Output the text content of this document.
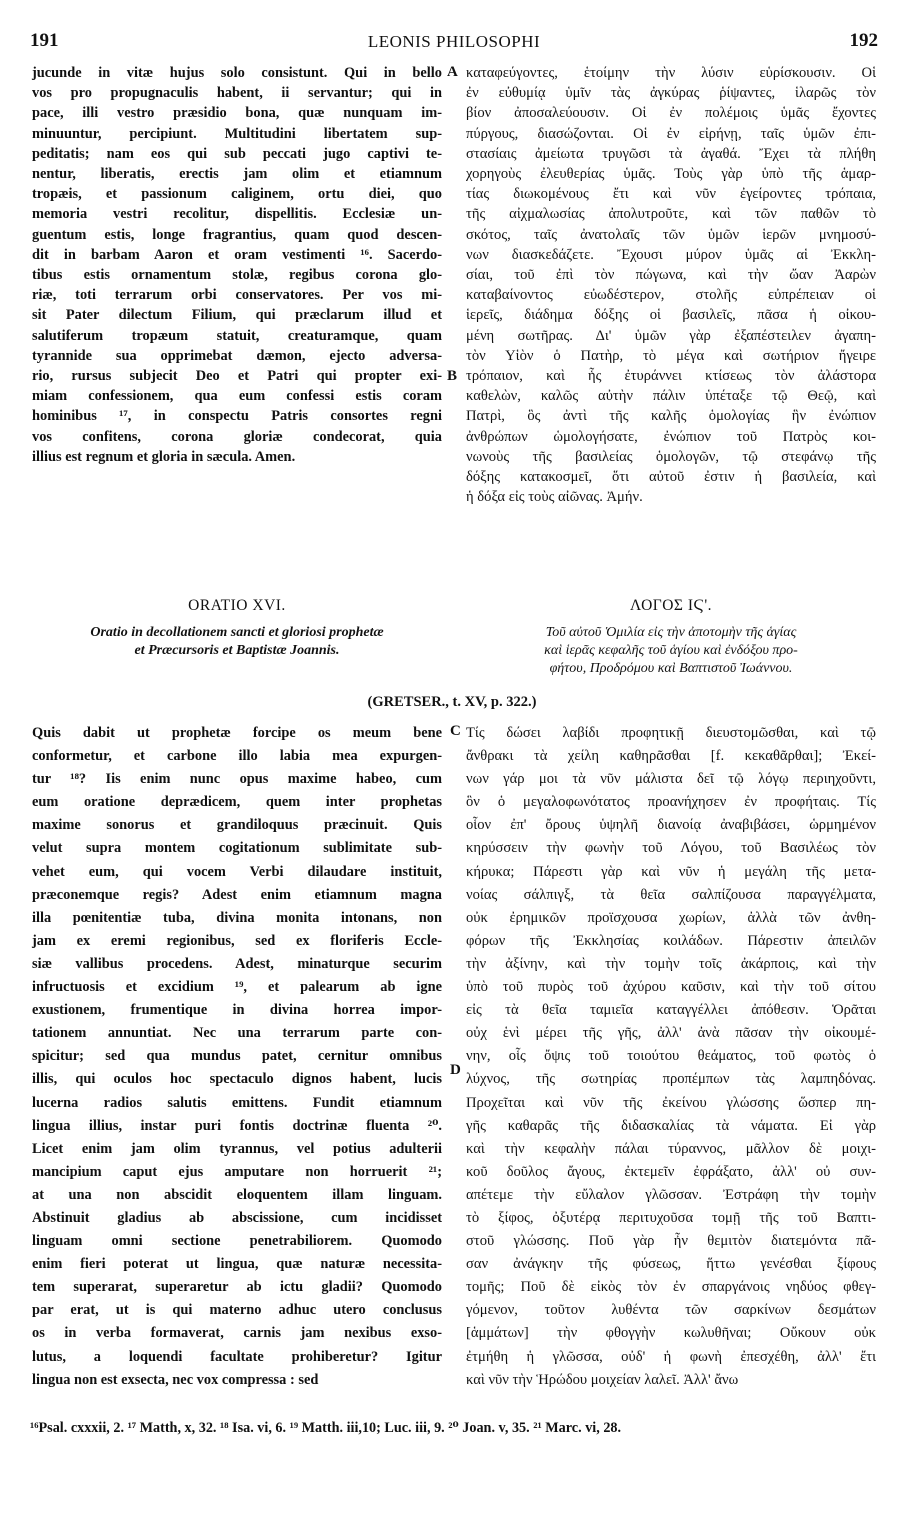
191	LEONIS PHILOSOPHI	192
jucunde in vitæ hujus solo consistunt. Qui in bello
vos pro propugnaculis habent, ii servantur; qui in
pace, illi vestro præsidio bona, quæ nunquam im-
minuuntur, percipiunt. Multitudini libertatem sup-
peditatis; nam eos qui sub peccati jugo captivi te-
nentur, liberatis, erectis jam olim et etiamnum
tropæis, et passionum caliginem, ortu diei, quo
memoria vestri recolitur, dispellitis. Ecclesiæ un-
guentum estis, longe fragrantius, quam quod descen-
dit in barbam Aaron et oram vestimenti ¹⁶. Sacerdo-
tibus estis ornamentum stolæ, regibus corona glo-
riæ, toti terrarum orbi conservatores. Per vos mi-
sit Pater dilectum Filium, qui præclarum illud et
salutiferum tropæum statuit, creaturamque, quam
tyrannide sua opprimebat dæmon, ejecto adversa-
rio, rursus subjecit Deo et Patri qui propter exi-
miam confessionem, qua eum confessi estis coram
hominibus ¹⁷, in conspectu Patris consortes regni
vos confitens, corona gloriæ condecorat, quia
illius est regnum et gloria in sæcula. Amen.
καταφεύγοντες, ἑτοίμην τὴν λύσιν εὑρίσκουσιν. Οἱ
ἐν εὐθυμίᾳ ὑμῖν τὰς ἀγκύρας ῥίψαντες, ἱλαρῶς τὸν
βίον ἀποσαλεύουσιν. Οἱ ἐν πολέμοις ὑμᾶς ἔχοντες
πύργους, διασώζονται. Οἱ ἐν εἰρήνῃ, ταῖς ὑμῶν ἐπι-
στασίαις ἀμείωτα τρυγῶσι τὰ ἀγαθά. Ἔχει τὰ πλήθη
χορηγοὺς ἐλευθερίας ὑμᾶς. Τοὺς γὰρ ὑπὸ τῆς ἁμαρ-
τίας διωκομένους ἔτι καὶ νῦν ἐγείροντες τρόπαια,
τῆς αἰχμαλωσίας ἀπολυτροῦτε, καὶ τῶν παθῶν τὸ
σκότος, ταῖς ἀνατολαῖς τῶν ὑμῶν ἱερῶν μνημοσύ-
νων διασκεδάζετε. Ἔχουσι μύρον ὑμᾶς αἱ Ἐκκλη-
σίαι, τοῦ ἐπὶ τὸν πώγωνα, καὶ τὴν ὤαν Ἀαρὼν
καταβαίνοντος εὐωδέστερον, στολῆς εὐπρέπειαν οἱ
ἱερεῖς, διάδημα δόξης οἱ βασιλεῖς, πᾶσα ἡ οἰκου-
μένη σωτῆρας. Δι' ὑμῶν γὰρ ἐξαπέστειλεν ἀγαπη-
τὸν Υἱὸν ὁ Πατὴρ, τὸ μέγα καὶ σωτήριον ἤγειρε
τρόπαιον, καὶ ἧς ἐτυράννει κτίσεως τὸν ἀλάστορα
καθελὼν, καλῶς αὐτὴν πάλιν ὑπέταξε τῷ Θεῷ, καὶ
Πατρὶ, ὃς ἀντὶ τῆς καλῆς ὁμολογίας ἣν ἐνώπιον
ἀνθρώπων ὡμολογήσατε, ἐνώπιον τοῦ Πατρὸς κοι-
νωνοὺς τῆς βασιλείας ὁμολογῶν, τῷ στεφάνῳ τῆς
δόξης κατακοσμεῖ, ὅτι αὐτοῦ ἐστιν ἡ βασιλεία, καὶ
ἡ δόξα εἰς τοὺς αἰῶνας. Ἀμήν.
A
B
ORATIO XVI.	ΛΟΓΟΣ ΙϚ'.
Oratio in decollationem sancti et gloriosi prophetæ
et Præcursoris et Baptistæ Joannis.
Τοῦ αὐτοῦ Ὁμιλία εἰς τὴν ἀποτομὴν τῆς ἁγίας
καὶ ἱερᾶς κεφαλῆς τοῦ ἁγίου καὶ ἐνδόξου προ-
φήτου, Προδρόμου καὶ Βαπτιστοῦ Ἰωάννου.
(GRETSER., t. XV, p. 322.)
Quis dabit ut prophetæ forcipe os meum bene
conformetur, et carbone illo labia mea expurgen-
tur ¹⁸? Iis enim nunc opus maxime habeo, cum
eum oratione deprædicem, quem inter prophetas
maxime sonorus et grandiloquus præcinuit. Quis
velut supra montem cogitationum sublimitate sub-
vehet eum, qui vocem Verbi dilaudare instituit,
præconemque regis? Adest enim etiamnum magna
illa pœnitentiæ tuba, divina monita intonans, non
jam ex eremi regionibus, sed ex floriferis Eccle-
siæ vallibus procedens. Adest, minaturque securim
infructuosis et excidium ¹⁹, et palearum ab igne
exustionem, frumentique in divina horrea impor-
tationem annuntiat. Nec una terrarum parte con-
spicitur; sed qua mundus patet, cernitur omnibus
illis, qui oculos hoc spectaculo dignos habent, lucis
lucerna radios salutis emittens. Fundit etiamnum
lingua illius, instar puri fontis doctrinæ fluenta ²⁰.
Licet enim jam olim tyrannus, vel potius adulterii
mancipium caput ejus amputare non horruerit ²¹;
at una non abscidit eloquentem illam linguam.
Abstinuit gladius ab abscissione, cum incidisset
linguam omni sectione penetrabiliorem. Quomodo
enim fieri poterat ut lingua, quæ naturæ necessita-
tem superarat, superaretur ab ictu gladii? Quomodo
par erat, ut is qui materno adhuc utero conclusus
os in verba formaverat, carnis jam nexibus exso-
lutus, a loquendi facultate prohiberetur? Igitur
lingua non est exsecta, nec vox compressa : sed
Τίς δώσει λαβίδι προφητικῇ διευστομῶσθαι, καὶ τῷ
ἄνθρακι τὰ χείλη καθηρᾶσθαι [f. κεκαθᾶρθαι]; Ἐκεί-
νων γάρ μοι τὰ νῦν μάλιστα δεῖ τῷ λόγῳ περιηχοῦντι,
ὃν ὁ μεγαλοφωνότατος προανήχησεν ἐν προφήταις. Τίς
οἷον ἐπ' ὄρους ὑψηλῆ διανοίᾳ ἀναβιβάσει, ὡρμημένον
κηρύσσειν τὴν φωνὴν τοῦ Λόγου, τοῦ Βασιλέως τὸν
κήρυκα; Πάρεστι γὰρ καὶ νῦν ἡ μεγάλη τῆς μετα-
νοίας σάλπιγξ, τὰ θεῖα σαλπίζουσα παραγγέλματα,
οὐκ ἐρημικῶν προϊσχουσα χωρίων, ἀλλὰ τῶν ἀνθη-
φόρων τῆς Ἐκκλησίας κοιλάδων. Πάρεστιν ἀπειλῶν
τὴν ἀξίνην, καὶ τὴν τομὴν τοῖς ἀκάρποις, καὶ τὴν
ὑπὸ τοῦ πυρὸς τοῦ ἀχύρου καῦσιν, καὶ τὴν τοῦ σίτου
εἰς τὰ θεῖα ταμιεῖα καταγγέλλει ἀπόθεσιν. Ὁρᾶται
οὐχ ἑνὶ μέρει τῆς γῆς, ἀλλ' ἀνὰ πᾶσαν τὴν οἰκουμέ-
νην, οἷς ὄψις τοῦ τοιούτου θεάματος, τοῦ φωτὸς ὁ
λύχνος, τῆς σωτηρίας προπέμπων τὰς λαμπηδόνας.
Προχεῖται καὶ νῦν τῆς ἐκείνου γλώσσης ὥσπερ πη-
γῆς καθαρᾶς τῆς διδασκαλίας τὰ νάματα. Εἰ γὰρ
καὶ τὴν κεφαλὴν πάλαι τύραννος, μᾶλλον δὲ μοιχι-
κοῦ δοῦλος ἄγους, ἐκτεμεῖν ἐφράξατο, ἀλλ' οὐ συν-
απέτεμε τὴν εὔλαλον γλῶσσαν. Ἐστράφη τὴν τομὴν
τὸ ξίφος, ὀξυτέρᾳ περιτυχοῦσα τομῇ τῆς τοῦ Βαπτι-
στοῦ γλώσσης. Ποῦ γὰρ ἦν θεμιτὸν διατεμόντα πᾶ-
σαν ἀνάγκην τῆς φύσεως, ἥττω γενέσθαι ξίφους
τομῆς; Ποῦ δὲ εἰκὸς τὸν ἐν σπαργάνοις νηδύος φθεγ-
γόμενον, τοῦτον λυθέντα τῶν σαρκίνων δεσμάτων
[ἁμμάτων] τὴν φθογγὴν κωλυθῆναι; Οὔκουν οὐκ
ἐτμήθη ἡ γλῶσσα, οὐδ' ἡ φωνὴ ἐπεσχέθη, ἀλλ' ἔτι
καὶ νῦν τὴν Ἡρώδου μοιχείαν λαλεῖ. Ἀλλ' ἄνω
C
D
¹⁶Psal. cxxxii, 2. ¹⁷ Matth, x, 32. ¹⁸ Isa. vi, 6. ¹⁹ Matth. iii,10; Luc. iii, 9. ²⁰ Joan. v, 35. ²¹ Marc. vi, 28.
